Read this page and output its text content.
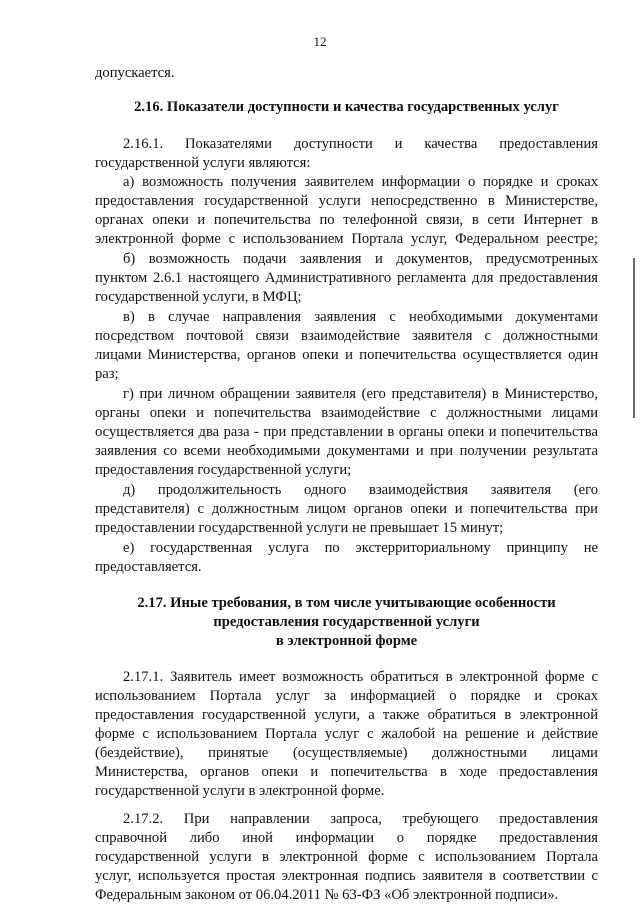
12
допускается.
2.16. Показатели доступности и качества государственных услуг
2.16.1. Показателями доступности и качества предоставления
государственной услуги являются:
а) возможность получения заявителем информации о порядке и сроках
предоставления государственной услуги непосредственно в Министерстве,
органах опеки и попечительства по телефонной связи, в сети Интернет в
электронной форме с использованием Портала услуг, Федеральном реестре;
б) возможность подачи заявления и документов, предусмотренных
пунктом 2.6.1 настоящего Административного регламента для предоставления
государственной услуги, в МФЦ;
в) в случае направления заявления с необходимыми документами
посредством почтовой связи взаимодействие заявителя с должностными
лицами Министерства, органов опеки и попечительства осуществляется один
раз;
г) при личном обращении заявителя (его представителя) в Министерство,
органы опеки и попечительства взаимодействие с должностными лицами
осуществляется два раза - при представлении в органы опеки и попечительства
заявления со всеми необходимыми документами и при получении результата
предоставления государственной услуги;
д) продолжительность одного взаимодействия заявителя (его
представителя) с должностным лицом органов опеки и попечительства при
предоставлении государственной услуги не превышает 15 минут;
е) государственная услуга по экстерриториальному принципу не
предоставляется.
2.17. Иные требования, в том числе учитывающие особенности
предоставления государственной услуги
в электронной форме
2.17.1. Заявитель имеет возможность обратиться в электронной форме с
использованием Портала услуг за информацией о порядке и сроках
предоставления государственной услуги, а также обратиться в электронной
форме с использованием Портала услуг с жалобой на решение и действие
(бездействие), принятые (осуществляемые) должностными лицами
Министерства, органов опеки и попечительства в ходе предоставления
государственной услуги в электронной форме.
2.17.2. При направлении запроса, требующего предоставления
справочной либо иной информации о порядке предоставления
государственной услуги в электронной форме с использованием Портала
услуг, используется простая электронная подпись заявителя в соответствии с
Федеральным законом от 06.04.2011 № 63-ФЗ «Об электронной подписи».
